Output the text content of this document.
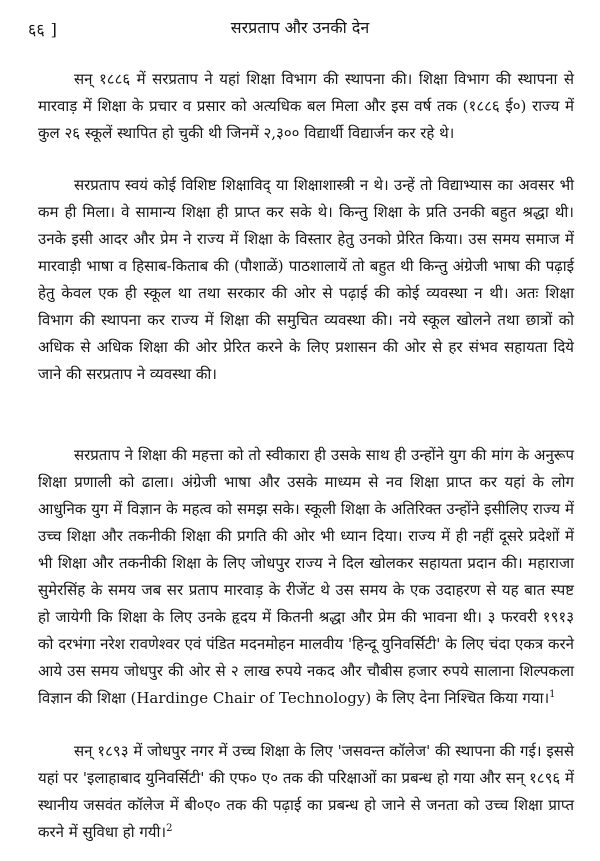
६६ ]	सरप्रताप और उनकी देन

सन् १८८६ में सरप्रताप ने यहां शिक्षा विभाग की स्थापना की। शिक्षा विभाग की स्थापना से मारवाड़ में शिक्षा के प्रचार व प्रसार को अत्यधिक बल मिला और इस वर्ष तक (१८८६ ई०) राज्य में कुल २६ स्कूलें स्थापित हो चुकी थी जिनमें २,३०० विद्यार्थी विद्यार्जन कर रहे थे।

सरप्रताप स्वयं कोई विशिष्ट शिक्षाविद् या शिक्षाशास्त्री न थे। उन्हें तो विद्याभ्यास का अवसर भी कम ही मिला। वे सामान्य शिक्षा ही प्राप्त कर सके थे। किन्तु शिक्षा के प्रति उनकी बहुत श्रद्धा थी। उनके इसी आदर और प्रेम ने राज्य में शिक्षा के विस्तार हेतु उनको प्रेरित किया। उस समय समाज में मारवाड़ी भाषा व हिसाब-किताब की (पौशाळें) पाठशालायें तो बहुत थी किन्तु अंग्रेजी भाषा की पढ़ाई हेतु केवल एक ही स्कूल था तथा सरकार की ओर से पढ़ाई की कोई व्यवस्था न थी। अतः शिक्षा विभाग की स्थापना कर राज्य में शिक्षा की समुचित व्यवस्था की। नये स्कूल खोलने तथा छात्रों को अधिक से अधिक शिक्षा की ओर प्रेरित करने के लिए प्रशासन की ओर से हर संभव सहायता दिये जाने की सरप्रताप ने व्यवस्था की।

सरप्रताप ने शिक्षा की महत्ता को तो स्वीकारा ही उसके साथ ही उन्होंने युग की मांग के अनुरूप शिक्षा प्रणाली को ढाला। अंग्रेजी भाषा और उसके माध्यम से नव शिक्षा प्राप्त कर यहां के लोग आधुनिक युग में विज्ञान के महत्व को समझ सके। स्कूली शिक्षा के अतिरिक्त उन्होंने इसीलिए राज्य में उच्च शिक्षा और तकनीकी शिक्षा की प्रगति की ओर भी ध्यान दिया। राज्य में ही नहीं दूसरे प्रदेशों में भी शिक्षा और तकनीकी शिक्षा के लिए जोधपुर राज्य ने दिल खोलकर सहायता प्रदान की। महाराजा सुमेरसिंह के समय जब सर प्रताप मारवाड़ के रीजेंट थे उस समय के एक उदाहरण से यह बात स्पष्ट हो जायेगी कि शिक्षा के लिए उनके हृदय में कितनी श्रद्धा और प्रेम की भावना थी। ३ फरवरी १९१३ को दरभंगा नरेश रावणेश्वर एवं पंडित मदनमोहन मालवीय 'हिन्दू युनिवर्सिटी' के लिए चंदा एकत्र करने आये उस समय जोधपुर की ओर से २ लाख रुपये नकद और चौबीस हजार रुपये सालाना शिल्पकला विज्ञान की शिक्षा (Hardinge Chair of Technology) के लिए देना निश्चित किया गया।$^1$

सन् १८९३ में जोधपुर नगर में उच्च शिक्षा के लिए 'जसवन्त कॉलेज' की स्थापना की गई। इससे यहां पर 'इलाहाबाद युनिवर्सिटी' की एफ० ए० तक की परिक्षाओं का प्रबन्ध हो गया और सन् १८९६ में स्थानीय जसवंत कॉलेज में बी०ए० तक की पढ़ाई का प्रबन्ध हो जाने से जनता को उच्च शिक्षा प्राप्त करने में सुविधा हो गयी।$^2$
